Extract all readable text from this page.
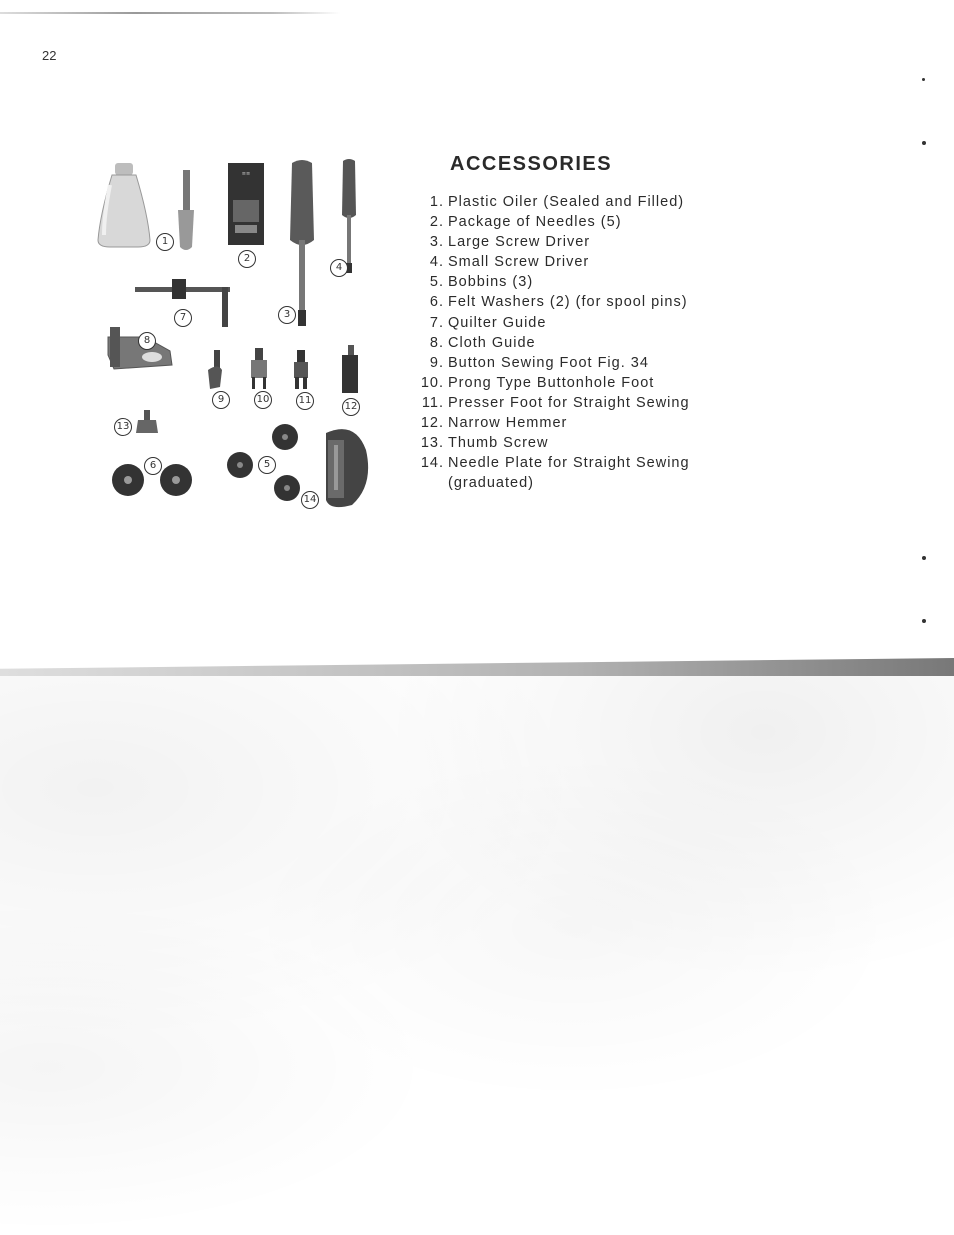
22
≡≡
1
2
3
4
5
6
7
8
9	10	11
12
13
14
ACCESSORIES
1. Plastic Oiler (Sealed and Filled)
2. Package of Needles (5)
3. Large Screw Driver
4. Small Screw Driver
5. Bobbins (3)
6. Felt Washers (2) (for spool pins)
7. Quilter Guide
8. Cloth Guide
9. Button Sewing Foot Fig. 34
10. Prong Type Buttonhole Foot
11. Presser Foot for Straight Sewing
12. Narrow Hemmer
13. Thumb Screw
14. Needle Plate for Straight Sewing
(graduated)
